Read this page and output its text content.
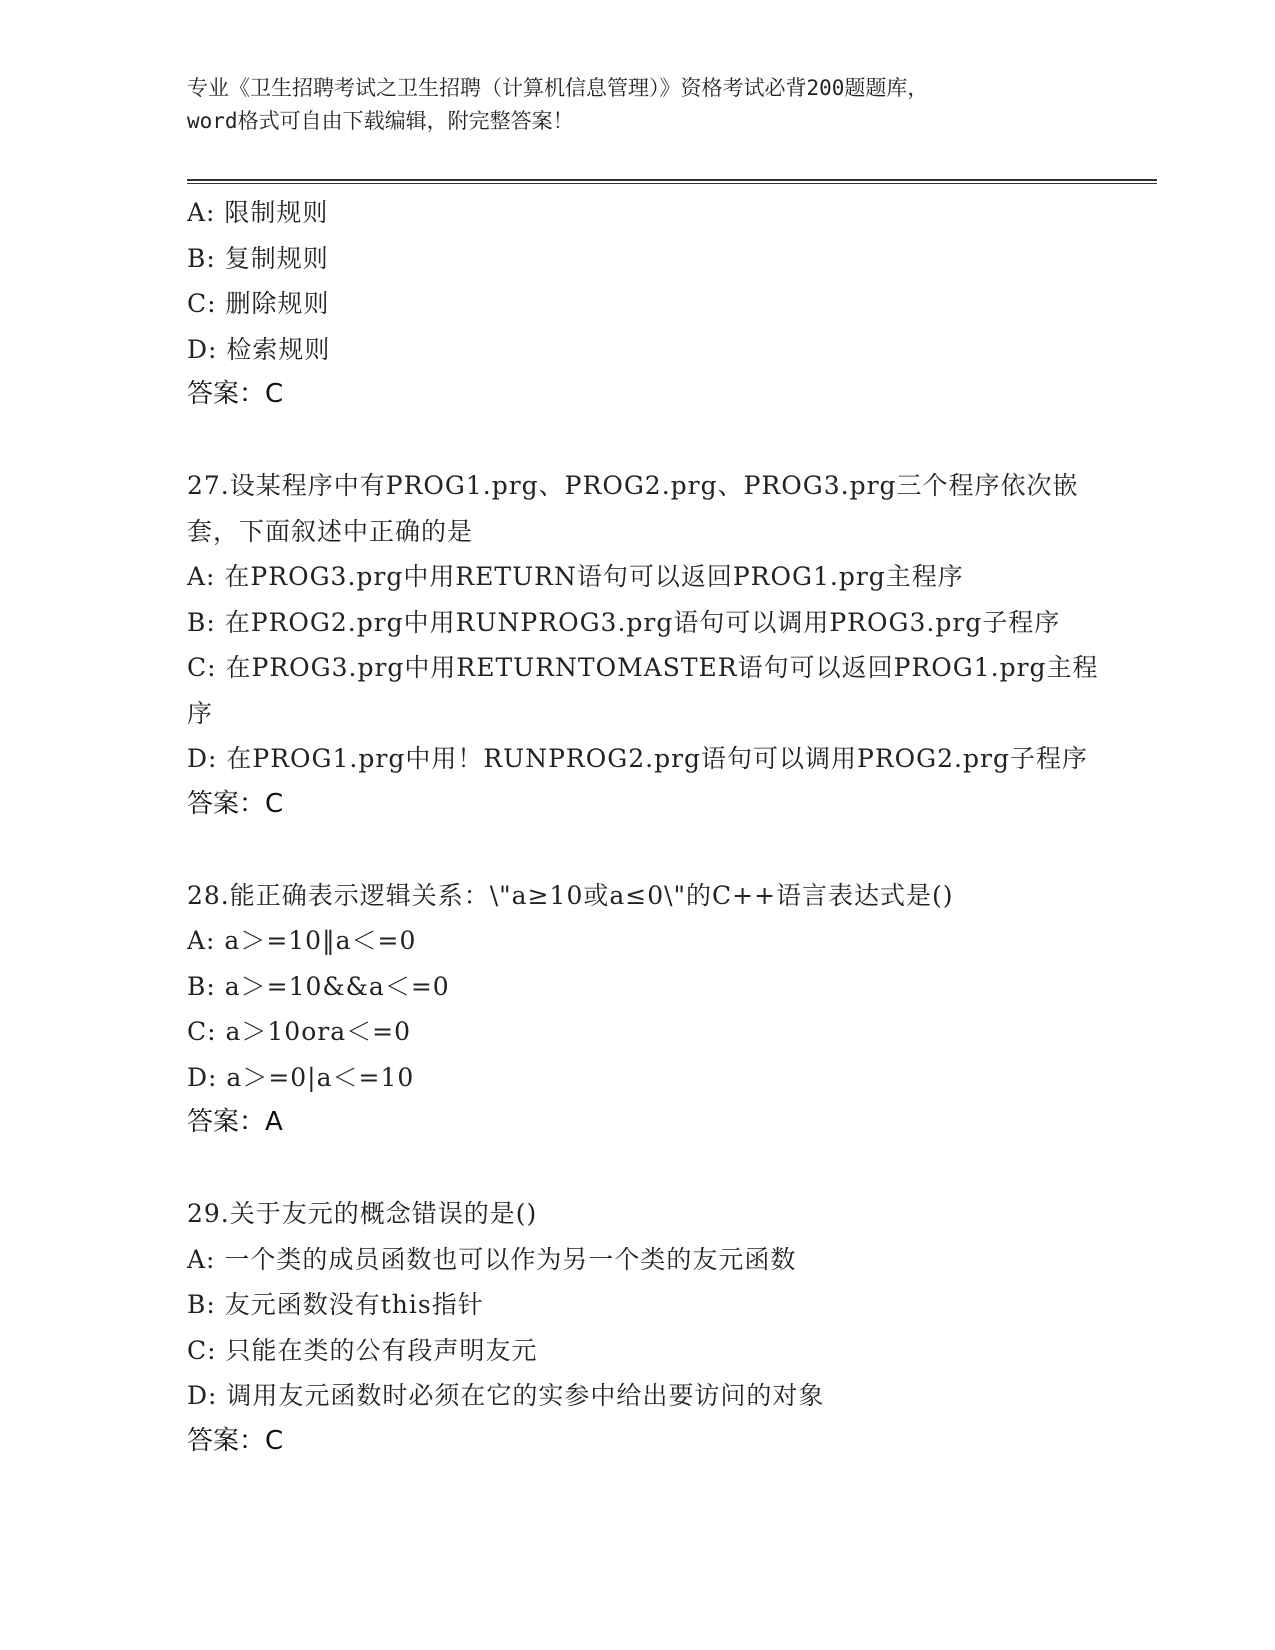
专业《卫生招聘考试之卫生招聘（计算机信息管理）》资格考试必背200题题库，
word格式可自由下载编辑，附完整答案！
A: 限制规则
B: 复制规则
C: 删除规则
D: 检索规则
答案：C
27.设某程序中有PROG1.prg、PROG2.prg、PROG3.prg三个程序依次嵌
套，下面叙述中正确的是
A: 在PROG3.prg中用RETURN语句可以返回PROG1.prg主程序
B: 在PROG2.prg中用RUNPROG3.prg语句可以调用PROG3.prg子程序
C: 在PROG3.prg中用RETURNTOMASTER语句可以返回PROG1.prg主程
序
D: 在PROG1.prg中用！RUNPROG2.prg语句可以调用PROG2.prg子程序
答案：C
28.能正确表示逻辑关系：\"a≥10或a≤0\"的C++语言表达式是()
A: a＞=10‖a＜=0
B: a＞=10&&a＜=0
C: a＞10ora＜=0
D: a＞=0|a＜=10
答案：A
29.关于友元的概念错误的是()
A: 一个类的成员函数也可以作为另一个类的友元函数
B: 友元函数没有this指针
C: 只能在类的公有段声明友元
D: 调用友元函数时必须在它的实参中给出要访问的对象
答案：C
